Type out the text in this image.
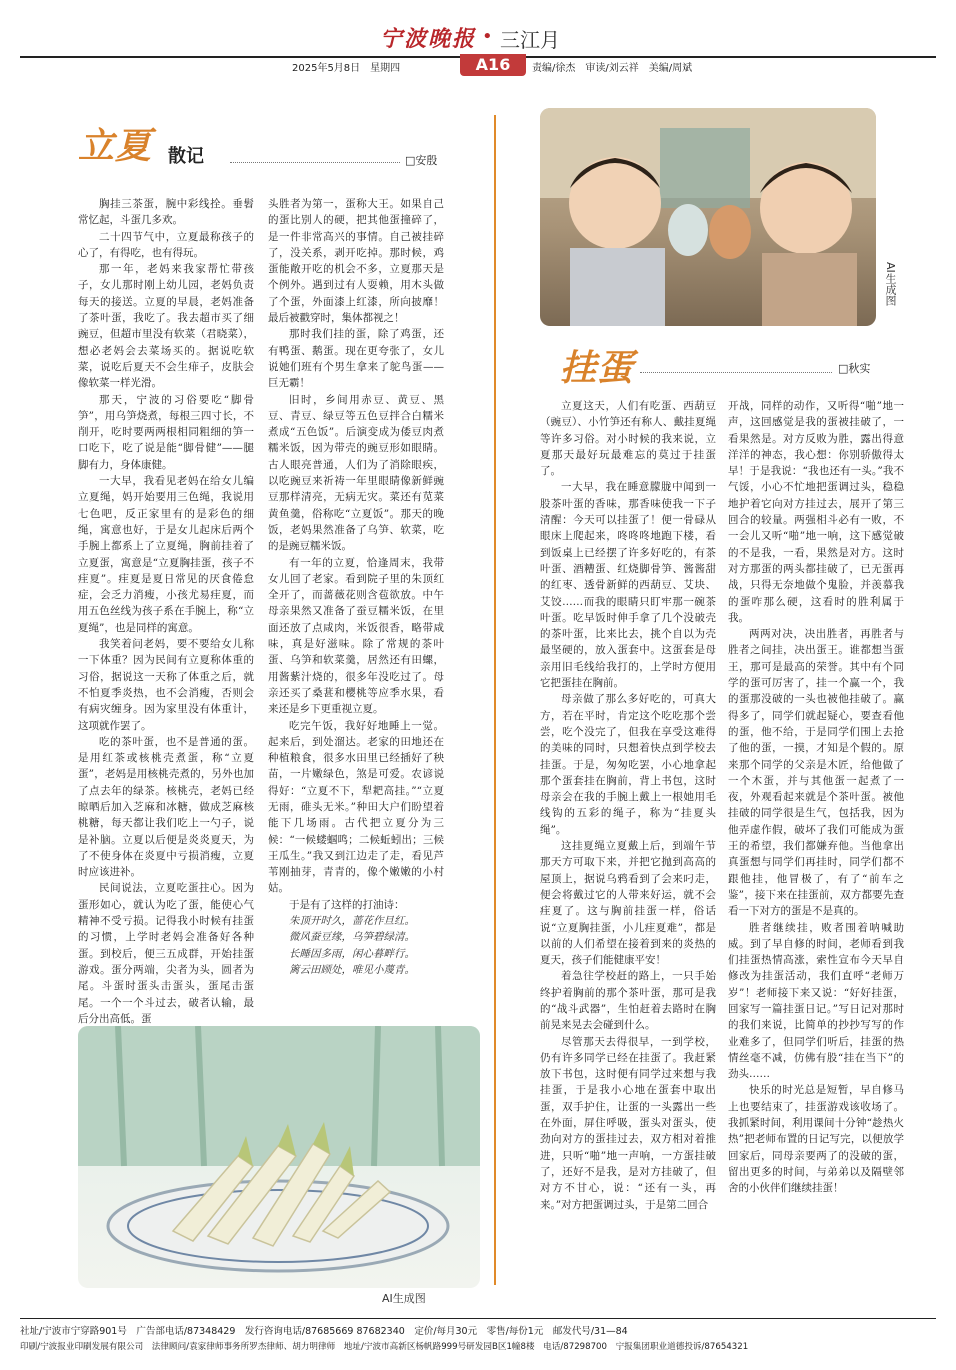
宁波晚报 • 三江月
2025年5月8日　星期四	A16	责编/徐杰　审读/刘云祥　美编/周斌
立夏 散记	□安殷

胸挂三茶蛋，腕中彩线拴。垂髫常忆起，斗蛋几多欢。

二十四节气中，立夏最称孩子的心了，有得吃，也有得玩。

那一年，老妈来我家帮忙带孩子，女儿那时刚上幼儿园，老妈负责每天的接送。立夏的早晨，老妈准备了茶叶蛋，我吃了。我去超市买了细豌豆，但超市里没有软菜（君晓菜），想必老妈会去菜场买的。据说吃软菜，说吃后夏天不会生痱子，皮肤会像软菜一样光滑。

那天，宁波的习俗要吃“脚骨笋”，用乌笋烧煮，每根三四寸长，不削开，吃时要两两根相同粗细的笋一口吃下，吃了说是能“脚骨健”——腿脚有力，身体康健。

一大早，我看见老妈在给女儿编立夏绳，妈开始要用三色绳，我说用七色吧，反正家里有的是彩色的细绳，寓意也好，于是女儿起床后两个手腕上都系上了立夏绳，胸前挂着了立夏蛋，寓意是“立夏胸挂蛋，孩子不疰夏”。疰夏是夏日常见的厌食倦怠症，会乏力消瘦，小孩尤易疰夏，而用五色丝线为孩子系在手腕上，称“立夏绳”，也是同样的寓意。

我笑着问老妈，要不要给女儿称一下体重？因为民间有立夏称体重的习俗，据说这一天称了体重之后，就不怕夏季炎热，也不会消瘦，否则会有病灾缠身。因为家里没有体重计，这项就作罢了。

吃的茶叶蛋，也不是普通的蛋。是用红茶或核桃壳煮蛋，称“立夏蛋”，老妈是用核桃壳煮的，另外也加了点去年的绿茶。核桃壳，老妈已经晾晒后加入芝麻和冰糖，做成芝麻核桃糖，每天都让我们吃上一勺子，说是补脑。立夏以后便是炎炎夏天，为了不使身体在炎夏中亏损消瘦，立夏时应该进补。

民间说法，立夏吃蛋拄心。因为蛋形如心，就认为吃了蛋，能使心气精神不受亏损。记得我小时候有挂蛋的习惯，上学时老妈会准备好各种蛋。到校后，便三五成群，开始挂蛋游戏。蛋分两端，尖者为头，圆者为尾。斗蛋时蛋头击蛋头，蛋尾击蛋尾。一个一个斗过去，破者认输，最后分出高低。蛋

头胜者为第一，蛋称大王。如果自己的蛋比别人的硬，把其他蛋撞碎了，是一件非常高兴的事情。自己被挂碎了，没关系，剥开吃掉。那时候，鸡蛋能敞开吃的机会不多，立夏那天是个例外。遇到过有人耍赖，用木头做了个蛋，外面漆上红漆，所向披靡！最后被戳穿时，集体都视之！

那时我们挂的蛋，除了鸡蛋，还有鸭蛋、鹅蛋。现在更夸张了，女儿说她们班有个男生拿来了鸵鸟蛋——巨无霸！

旧时，乡间用赤豆、黄豆、黑豆、青豆、绿豆等五色豆拌合白糯米煮成“五色饭”。后演变成为倭豆肉煮糯米饭，因为带壳的豌豆形如眼睛。古人眼亮普通，人们为了消除眼疾，以吃豌豆来祈祷一年里眼睛像新鲜豌豆那样清亮，无病无灾。菜还有苋菜黄鱼羹，俗称吃“立夏饭”。那天的晚饭，老妈果然准备了乌笋、软菜，吃的是豌豆糯米饭。

有一年的立夏，恰逢周末，我带女儿回了老家。看到院子里的朱顶红全开了，而蔷薇花则含苞欲放。中午母亲果然又准备了蚕豆糯米饭，在里面还放了点咸肉，米饭很香，略带咸味，真是好滋味。除了常规的茶叶蛋、乌笋和软菜羹，居然还有田螺，用酱紫汁烧的，很多年没吃过了。母亲还买了桑葚和樱桃等应季水果，看来还是乡下更重视立夏。

吃完午饭，我好好地睡上一觉。起来后，到处溜达。老家的田地还在种植粮食，很多水田里已经插好了秧苗，一片嫩绿色，煞是可爱。农谚说得好：“立夏不下，犁耙高挂。”“立夏无雨，碓头无米。”种田大户们盼望着能下几场雨。古代把立夏分为三候：“一候蝼蝈鸣；二候蚯蚓出；三候王瓜生。”我又到江边走了走，看见芦苇刚抽芽，青青的，像个嫩嫩的小村姑。

于是有了这样的打油诗：

朱顶开时久，蔷花作旦红。

微风蚕豆缘，乌笋碧绿清。

长睡因多雨，闲心暮畔行。

篱云田顾处，唯见小蔑青。

AI生成图
AI生成图
挂蛋	□秋实

立夏这天，人们有吃蛋、西葫豆（豌豆）、小竹笋还有称人、戴挂夏绳等许多习俗。对小时候的我来说，立夏那天最好玩最难忘的莫过于挂蛋了。

一大早，我在睡意朦胧中闻到一股茶叶蛋的香味，那香味使我一下子清醒：今天可以挂蛋了！便一骨碌从眼床上爬起来，咚咚咚地跑下楼，看到饭桌上已经摆了许多好吃的，有茶叶蛋、酒糟蛋、红烧脚骨笋、酱酱甜的红枣、透骨新鲜的西葫豆、艾块、艾饺……而我的眼睛只盯牢那一碗茶叶蛋。吃早饭时伸手拿了几个没破壳的茶叶蛋，比来比去，挑个自以为壳最坚硬的，放入蛋套中。这蛋套是母亲用旧毛线给我打的，上学时方便用它把蛋挂在胸前。

母亲做了那么多好吃的，可真大方，若在平时，肯定这个吃吃那个尝尝，吃个没完了，但我在享受这难得的美味的同时，只想着快点到学校去挂蛋。于是，匆匆吃罢，小心地拿起那个蛋套挂在胸前，背上书包，这时母亲会在我的手腕上戴上一根她用毛线钩的五彩的绳子，称为“挂夏头绳”。

这挂夏绳立夏戴上后，到端午节那天方可取下来，并把它抛到高高的屋顶上，据说乌鸦看到了会来叼走，便会将戴过它的人带来好运，就不会疰夏了。这与胸前挂蛋一样，俗话说“立夏胸挂蛋，小儿疰夏难”，都是以前的人们希望在接着到来的炎热的夏天，孩子们能健康平安！

着急往学校赶的路上，一只手始终护着胸前的那个茶叶蛋，那可是我的“战斗武器”，生怕赶着去路时在胸前晃来晃去会碰到什么。

尽管那天去得很早，一到学校，仍有许多同学已经在挂蛋了。我赶紧放下书包，这时便有同学过来想与我挂蛋，于是我小心地在蛋套中取出蛋，双手护住，让蛋的一头露出一些在外面，屏住呼吸，蛋头对蛋头，使劲向对方的蛋挂过去，双方相对着推进，只听“啪”地一声响，一方蛋挂破了，还好不是我，是对方挂破了，但对方不甘心，说：“还有一头，再来。”对方把蛋调过头，于是第二回合

开战，同样的动作，又听得“啪”地一声，这回感觉是我的蛋被挂破了，一看果然是。对方反败为胜，露出得意洋洋的神态，我心想：你别骄傲得太早！于是我说：“我也还有一头。”我不气馁，小心不忙地把蛋调过头，稳稳地护着它向对方挂过去，展开了第三回合的较量。两强相斗必有一败，不一会儿又听“啪”地一响，这下感觉破的不是我，一看，果然是对方。这时对方那蛋的两头都挂破了，已无蛋再战，只得无奈地做个鬼脸，并羡慕我的蛋咋那么硬，这看时的胜利属于我。

两两对决，决出胜者，再胜者与胜者之间挂，决出蛋王。谁都想当蛋王，那可是最高的荣誉。其中有个同学的蛋可厉害了，挂一个赢一个，我的蛋那没破的一头也被他挂破了。赢得多了，同学们就起疑心，要查看他的蛋，他不给，于是同学们围上去抢了他的蛋，一摸，才知是个假的。原来那个同学的父亲是木匠，给他做了一个木蛋，并与其他蛋一起煮了一夜，外观看起来就是个茶叶蛋。被他挂破的同学很是生气，包括我，因为他弄虚作假，破坏了我们可能成为蛋王的希望，我们都嫌弃他。当他拿出真蛋想与同学们再挂时，同学们都不跟他挂，他冒极了，有了“前车之鉴”，接下来在挂蛋前，双方都要先查看一下对方的蛋是不是真的。

胜者继续挂，败者围着呐喊助威。到了早自修的时间，老师看到我们挂蛋热情高涨，索性宣布今天早自修改为挂蛋活动，我们直呼“老师万岁”！老师接下来又说：“好好挂蛋，回家写一篇挂蛋日记。”写日记对那时的我们来说，比简单的抄抄写写的作业难多了，但同学们听后，挂蛋的热情丝毫不减，仿佛有股“挂在当下”的劲头……

快乐的时光总是短暂，早自修马上也要结束了，挂蛋游戏该收场了。我抓紧时间，利用课间十分钟“趁热火热”把老师布置的日记写完，以便放学回家后，同母亲要两了的没破的蛋，留出更多的时间，与弟弟以及隔壁邻舍的小伙伴们继续挂蛋！

社址/宁波市宁穿路901号　广告部电话/87348429　发行咨询电话/87685669 87682340　定价/每月30元　零售/每份1元　邮发代号/31—84
印刷/宁波报业印刷发展有限公司　法律顾问/袁家律师事务所罗杰律师、胡力明律师　地址/宁波市高新区杨帆路999号研发园B区1幢8楼　电话/87298700　宁报集团职业道德投诉/87654321
